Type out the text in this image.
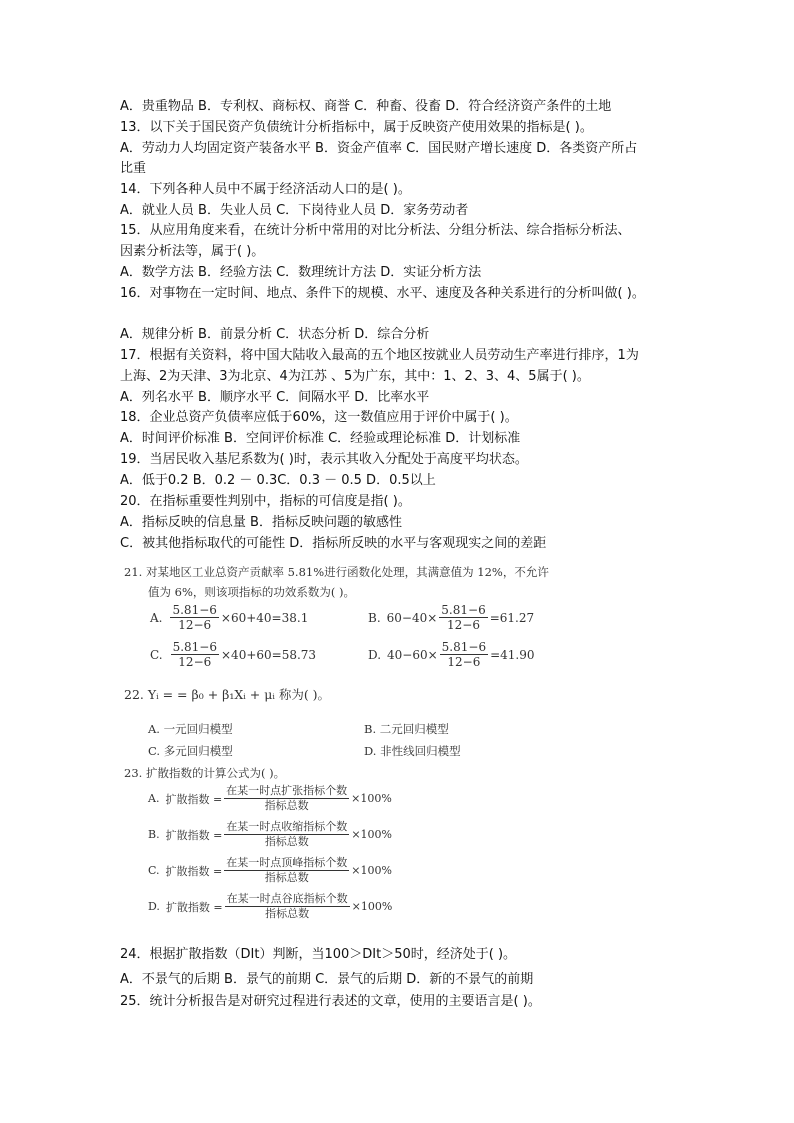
A．贵重物品 B．专利权、商标权、商誉 C．种畜、役畜 D．符合经济资产条件的土地
13．以下关于国民资产负债统计分析指标中，属于反映资产使用效果的指标是( )。
A．劳动力人均固定资产装备水平 B．资金产值率 C．国民财产增长速度 D．各类资产所占
比重
14．下列各种人员中不属于经济活动人口的是( )。
A．就业人员 B．失业人员 C．下岗待业人员 D．家务劳动者
15．从应用角度来看，在统计分析中常用的对比分析法、分组分析法、综合指标分析法、
因素分析法等，属于( )。
A．数学方法 B．经验方法 C．数理统计方法 D．实证分析方法
16．对事物在一定时间、地点、条件下的规模、水平、速度及各种关系进行的分析叫做( )。
A．规律分析 B．前景分析 C．状态分析 D．综合分析
17．根据有关资料，将中国大陆收入最高的五个地区按就业人员劳动生产率进行排序，1为
上海、2为天津、3为北京、4为江苏 、5为广东，其中：1、2、3、4、5属于( )。
A．列名水平 B．顺序水平 C．间隔水平 D．比率水平
18．企业总资产负债率应低于60%，这一数值应用于评价中属于( )。
A．时间评价标准 B．空间评价标准 C．经验或理论标准 D．计划标准
19．当居民收入基尼系数为( )时，表示其收入分配处于高度平均状态。
A．低于0.2 B．0.2 － 0.3C．0.3 － 0.5 D．0.5以上
20．在指标重要性判别中，指标的可信度是指( )。
A．指标反映的信息量 B．指标反映问题的敏感性
C．被其他指标取代的可能性 D．指标所反映的水平与客观现实之间的差距
21. 对某地区工业总资产贡献率 5.81%进行函数化处理，其满意值为 12%，不允许
值为 6%，则该项指标的功效系数为( )。
A. $\frac{5.81-6}{12-6} \times 60+40=38.1$	B. $60-40\times \frac{5.81-6}{12-6} =61.27$
C. $\frac{5.81-6}{12-6} \times 40+60=58.73$	D. $40-60\times \frac{5.81-6}{12-6} =41.90$
22. Yᵢ = = β₀ + β₁Xᵢ + μᵢ 称为( )。
A. 一元回归模型	B. 二元回归模型
C. 多元回归模型	D. 非性线回归模型
23. 扩散指数的计算公式为( )。
A. 扩散指数 = $\frac{\text{在某一时点扩张指标个数}}{\text{指标总数}} \times 100\%$
B. 扩散指数 = $\frac{\text{在某一时点收缩指标个数}}{\text{指标总数}} \times 100\%$
C. 扩散指数 = $\frac{\text{在某一时点顶峰指标个数}}{\text{指标总数}} \times 100\%$
D. 扩散指数 = $\frac{\text{在某一时点谷底指标个数}}{\text{指标总数}} \times 100\%$
24．根据扩散指数（DIt）判断，当100＞DIt＞50时，经济处于( )。
A．不景气的后期 B．景气的前期 C．景气的后期 D．新的不景气的前期
25．统计分析报告是对研究过程进行表述的文章，使用的主要语言是( )。
